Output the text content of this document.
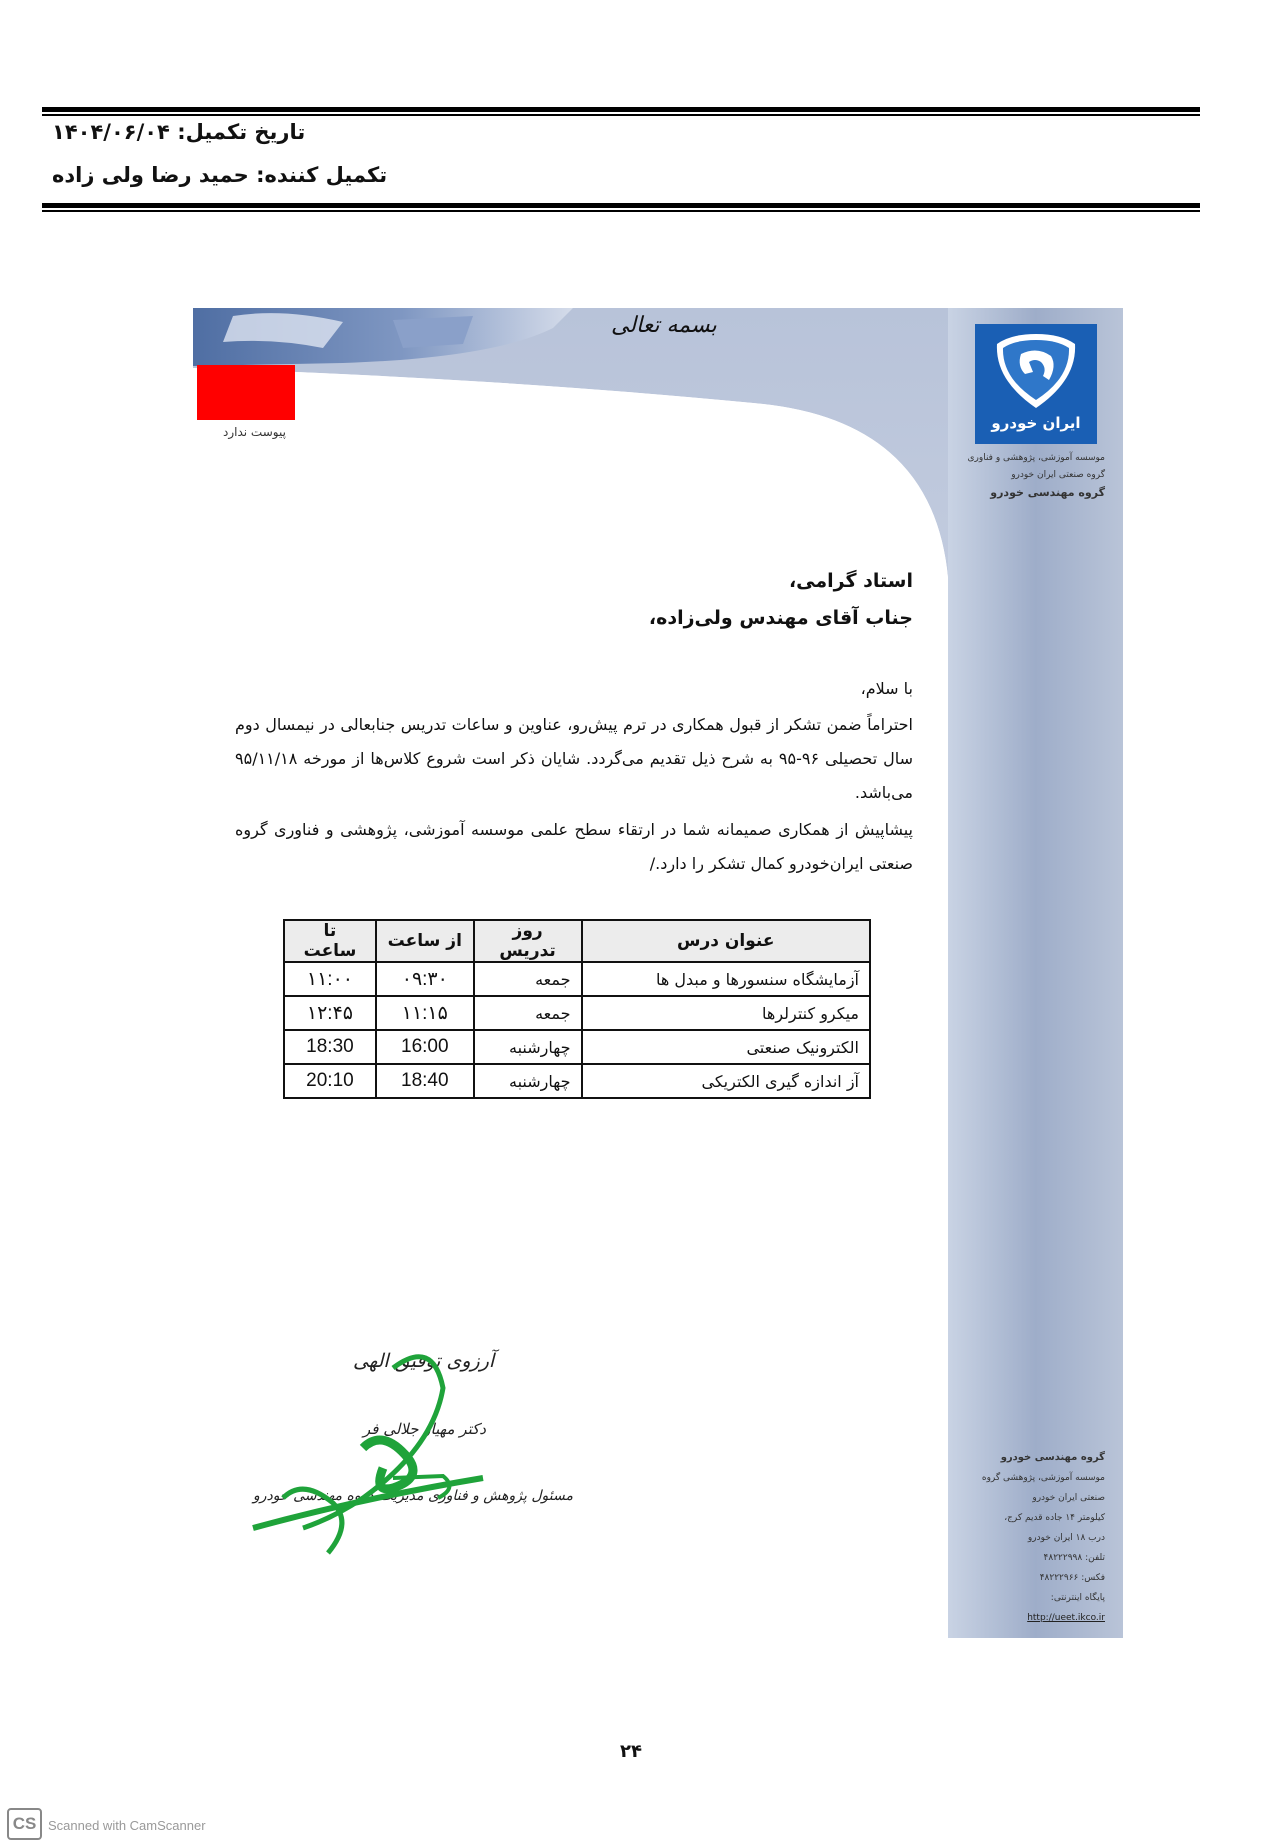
تاریخ تکمیل: ۱۴۰۴/۰۶/۰۴
تکمیل کننده: حمید رضا ولی زاده
بسمه تعالی
پیوست ندارد	ایران خودرو
موسسه آموزشی، پژوهشی و فناوری
گروه صنعتی ایران خودرو
گروه مهندسی خودرو
استاد گرامی،
جناب آقای مهندس ولی‌زاده،
با سلام،
احتراماً ضمن تشکر از قبول همکاری در ترم پیش‌رو، عناوین و ساعات تدریس جنابعالی در نیمسال دوم سال تحصیلی ۹۶-۹۵ به شرح ذیل تقدیم می‌گردد. شایان ذکر است شروع کلاس‌ها از مورخه ۹۵/۱۱/۱۸ می‌باشد.
پیشاپیش از همکاری صمیمانه شما در ارتقاء سطح علمی موسسه آموزشی، پژوهشی و فناوری گروه صنعتی ایران‌خودرو کمال تشکر را دارد./
عنوان درس	روز تدریس	از ساعت	تا ساعت
آزمایشگاه سنسورها و مبدل ها	جمعه	۰۹:۳۰	۱۱:۰۰
میکرو کنترلرها	جمعه	۱۱:۱۵	۱۲:۴۵
الکترونیک صنعتی	چهارشنبه	16:00	18:30
آز اندازه گیری الکتریکی	چهارشنبه	18:40	20:10
آرزوی توفیق الهی
دکتر مهیار جلالی فر
مسئول پژوهش و فناوری مدیریت گروه مهندسی خودرو
گروه مهندسی خودرو
موسسه آموزشی، پژوهشی گروه
صنعتی ایران خودرو
کیلومتر ۱۴ جاده قدیم کرج،
درب ۱۸ ایران خودرو
تلفن: ۴۸۲۲۲۹۹۸
فکس: ۴۸۲۲۲۹۶۶
پایگاه اینترنتی:
http://ueet.ikco.ir
۲۴
CS Scanned with CamScanner
